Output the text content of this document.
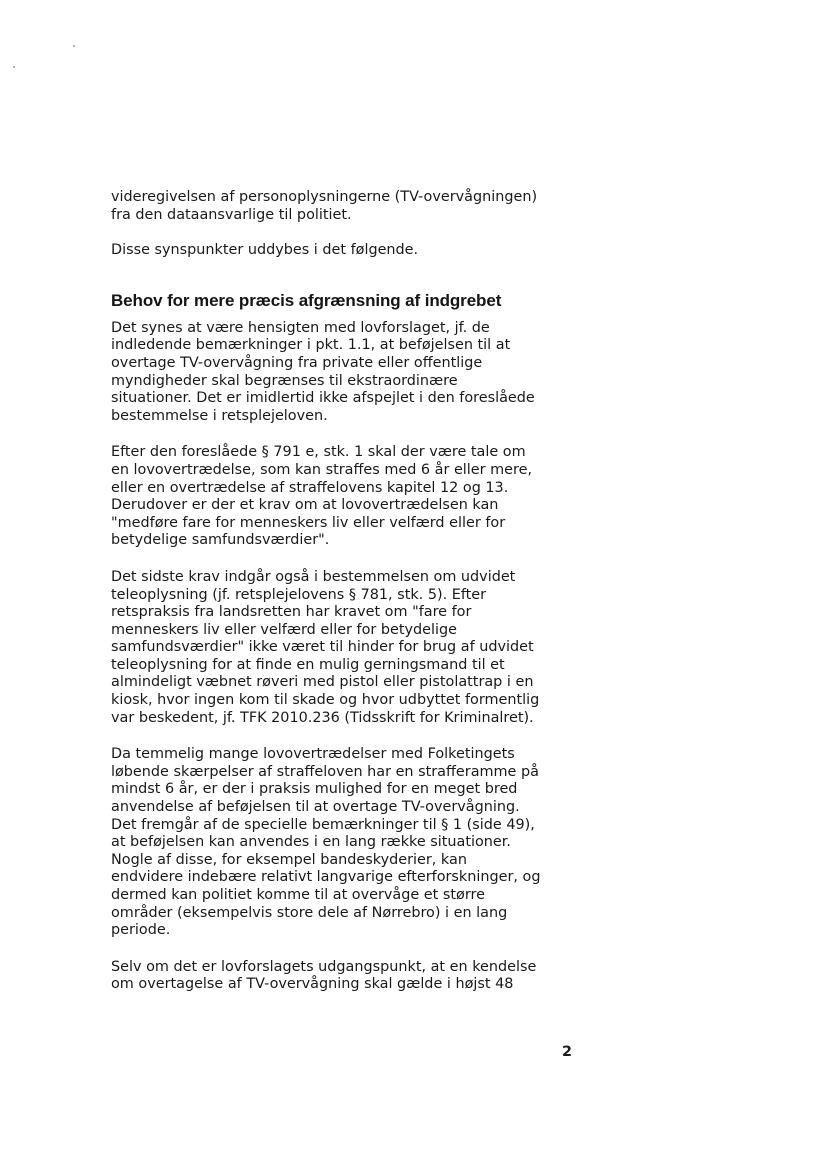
videregivelsen af personoplysningerne (TV-overvågningen)
fra den dataansvarlige til politiet.

Disse synspunkter uddybes i det følgende.

Behov for mere præcis afgrænsning af indgrebet

Det synes at være hensigten med lovforslaget, jf. de
indledende bemærkninger i pkt. 1.1, at beføjelsen til at
overtage TV-overvågning fra private eller offentlige
myndigheder skal begrænses til ekstraordinære
situationer. Det er imidlertid ikke afspejlet i den foreslåede
bestemmelse i retsplejeloven.

Efter den foreslåede § 791 e, stk. 1 skal der være tale om
en lovovertrædelse, som kan straffes med 6 år eller mere,
eller en overtrædelse af straffelovens kapitel 12 og 13.
Derudover er der et krav om at lovovertrædelsen kan
"medføre fare for menneskers liv eller velfærd eller for
betydelige samfundsværdier".

Det sidste krav indgår også i bestemmelsen om udvidet
teleoplysning (jf. retsplejelovens § 781, stk. 5). Efter
retspraksis fra landsretten har kravet om "fare for
menneskers liv eller velfærd eller for betydelige
samfundsværdier" ikke været til hinder for brug af udvidet
teleoplysning for at finde en mulig gerningsmand til et
almindeligt væbnet røveri med pistol eller pistolattrap i en
kiosk, hvor ingen kom til skade og hvor udbyttet formentlig
var beskedent, jf. TFK 2010.236 (Tidsskrift for Kriminalret).

Da temmelig mange lovovertrædelser med Folketingets
løbende skærpelser af straffeloven har en strafferamme på
mindst 6 år, er der i praksis mulighed for en meget bred
anvendelse af beføjelsen til at overtage TV-overvågning.
Det fremgår af de specielle bemærkninger til § 1 (side 49),
at beføjelsen kan anvendes i en lang række situationer.
Nogle af disse, for eksempel bandeskyderier, kan
endvidere indebære relativt langvarige efterforskninger, og
dermed kan politiet komme til at overvåge et større
områder (eksempelvis store dele af Nørrebro) i en lang
periode.

Selv om det er lovforslagets udgangspunkt, at en kendelse
om overtagelse af TV-overvågning skal gælde i højst 48

2
